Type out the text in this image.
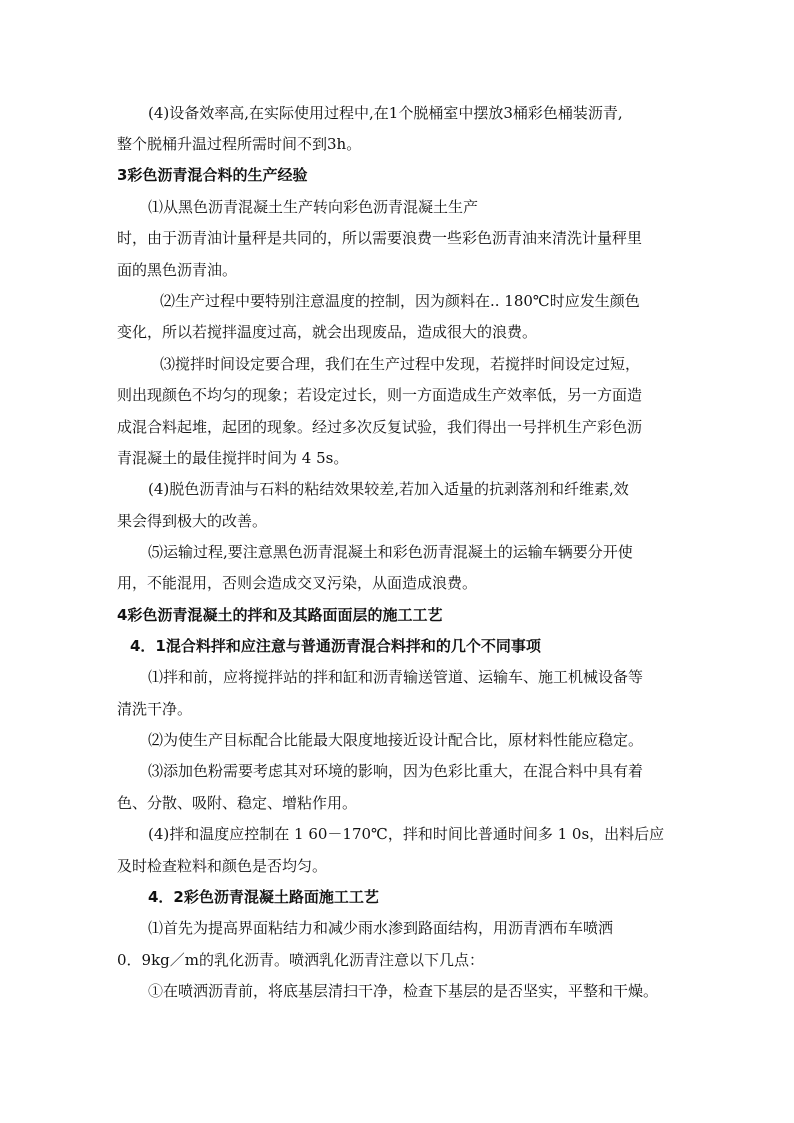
(4)设备效率高,在实际使用过程中,在1个脱桶室中摆放3桶彩色桶装沥青,
整个脱桶升温过程所需时间不到3h。
3彩色沥青混合料的生产经验
⑴从黑色沥青混凝土生产转向彩色沥青混凝土生产
时，由于沥青油计量秤是共同的，所以需要浪费一些彩色沥青油来清洗计量秤里
面的黑色沥青油。
⑵生产过程中要特别注意温度的控制，因为颜料在.. 180℃时应发生颜色
变化，所以若搅拌温度过高，就会出现废品，造成很大的浪费。
⑶搅拌时间设定要合理，我们在生产过程中发现，若搅拌时间设定过短，
则出现颜色不均匀的现象；若设定过长，则一方面造成生产效率低，另一方面造
成混合料起堆，起团的现象。经过多次反复试验，我们得出一号拌机生产彩色沥
青混凝土的最佳搅拌时间为 4 5s。
(4)脱色沥青油与石料的粘结效果较差,若加入适量的抗剥落剂和纤维素,效
果会得到极大的改善。
⑸运输过程,要注意黑色沥青混凝土和彩色沥青混凝土的运输车辆要分开使
用，不能混用，否则会造成交叉污染，从面造成浪费。
4彩色沥青混凝土的拌和及其路面面层的施工工艺
4．1混合料拌和应注意与普通沥青混合料拌和的几个不同事项
⑴拌和前，应将搅拌站的拌和缸和沥青输送管道、运输车、施工机械设备等
清洗干净。
⑵为使生产目标配合比能最大限度地接近设计配合比，原材料性能应稳定。
⑶添加色粉需要考虑其对环境的影响，因为色彩比重大，在混合料中具有着
色、分散、吸附、稳定、增粘作用。
(4)拌和温度应控制在 1 60－170℃，拌和时间比普通时间多 1 0s，出料后应
及时检查粒料和颜色是否均匀。
4．2彩色沥青混凝土路面施工工艺
⑴首先为提高界面粘结力和减少雨水渗到路面结构，用沥青洒布车喷洒
0．9kg／m的乳化沥青。喷洒乳化沥青注意以下几点：
①在喷洒沥青前，将底基层清扫干净，检查下基层的是否坚实，平整和干燥。
